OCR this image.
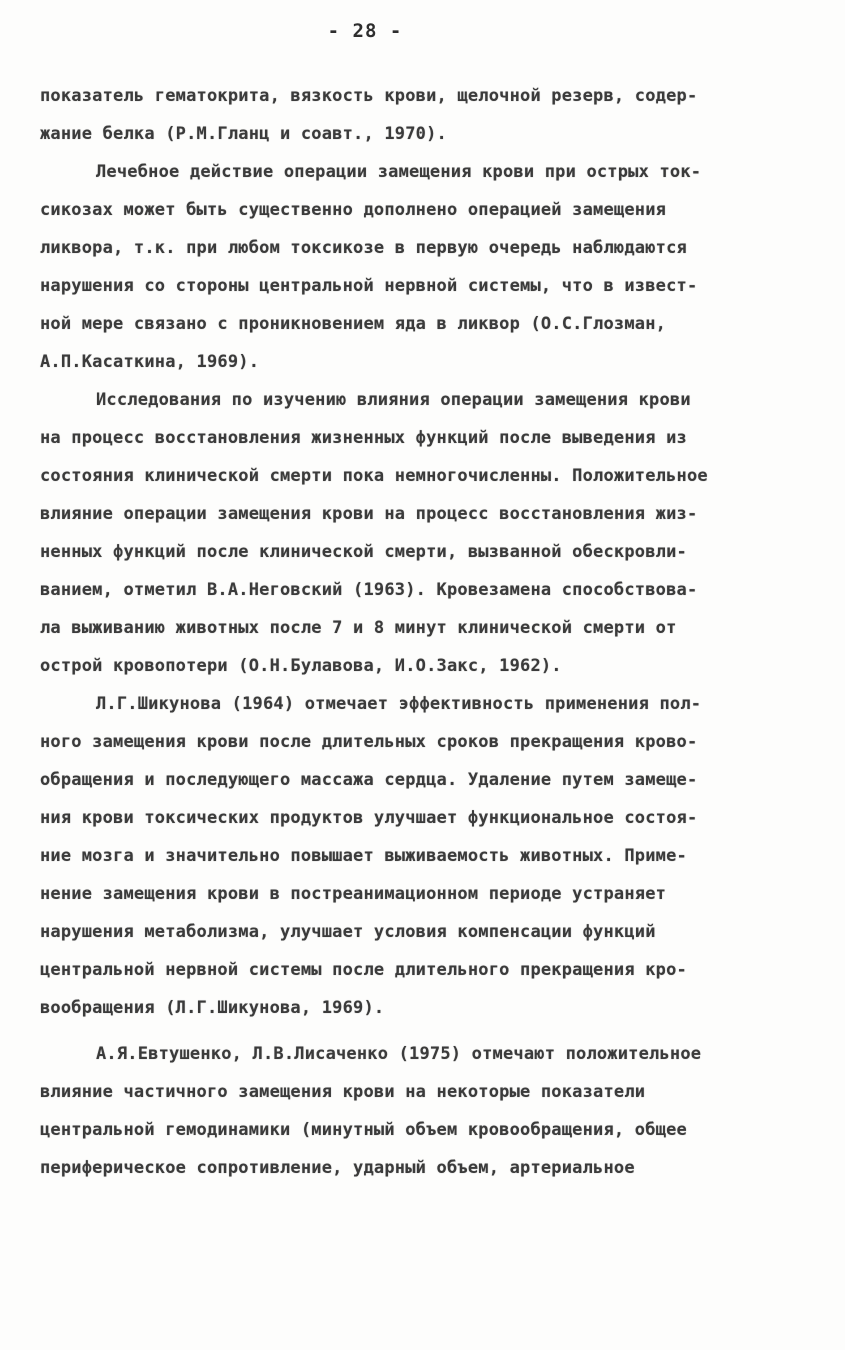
- 28 -
показатель гематокрита, вязкость крови, щелочной резерв, содер-
жание белка (Р.М.Гланц и соавт., 1970).
Лечебное действие операции замещения крови при острых ток-
сикозах может быть существенно дополнено операцией замещения
ликвора, т.к. при любом токсикозе в первую очередь наблюдаются
нарушения со стороны центральной нервной системы, что в извест-
ной мере связано с проникновением яда в ликвор (О.С.Глозман,
А.П.Касаткина, 1969).
Исследования по изучению влияния операции замещения крови
на процесс восстановления жизненных функций после выведения из
состояния клинической смерти пока немногочисленны. Положительное
влияние операции замещения крови на процесс восстановления жиз-
ненных функций после клинической смерти, вызванной обескровли-
ванием, отметил В.А.Неговский (1963). Кровезамена способствова-
ла выживанию животных после 7 и 8 минут клинической смерти от
острой кровопотери (О.Н.Булавова, И.О.Закс, 1962).
Л.Г.Шикунова (1964) отмечает эффективность применения пол-
ного замещения крови после длительных сроков прекращения крово-
обращения и последующего массажа сердца. Удаление путем замеще-
ния крови токсических продуктов улучшает функциональное состоя-
ние мозга и значительно повышает выживаемость животных. Приме-
нение замещения крови в постреанимационном периоде устраняет
нарушения метаболизма, улучшает условия компенсации функций
центральной нервной системы после длительного прекращения кро-
вообращения (Л.Г.Шикунова, 1969).
А.Я.Евтушенко, Л.В.Лисаченко (1975) отмечают положительное
влияние частичного замещения крови на некоторые показатели
центральной гемодинамики (минутный объем кровообращения, общее
периферическое сопротивление, ударный объем, артериальное
